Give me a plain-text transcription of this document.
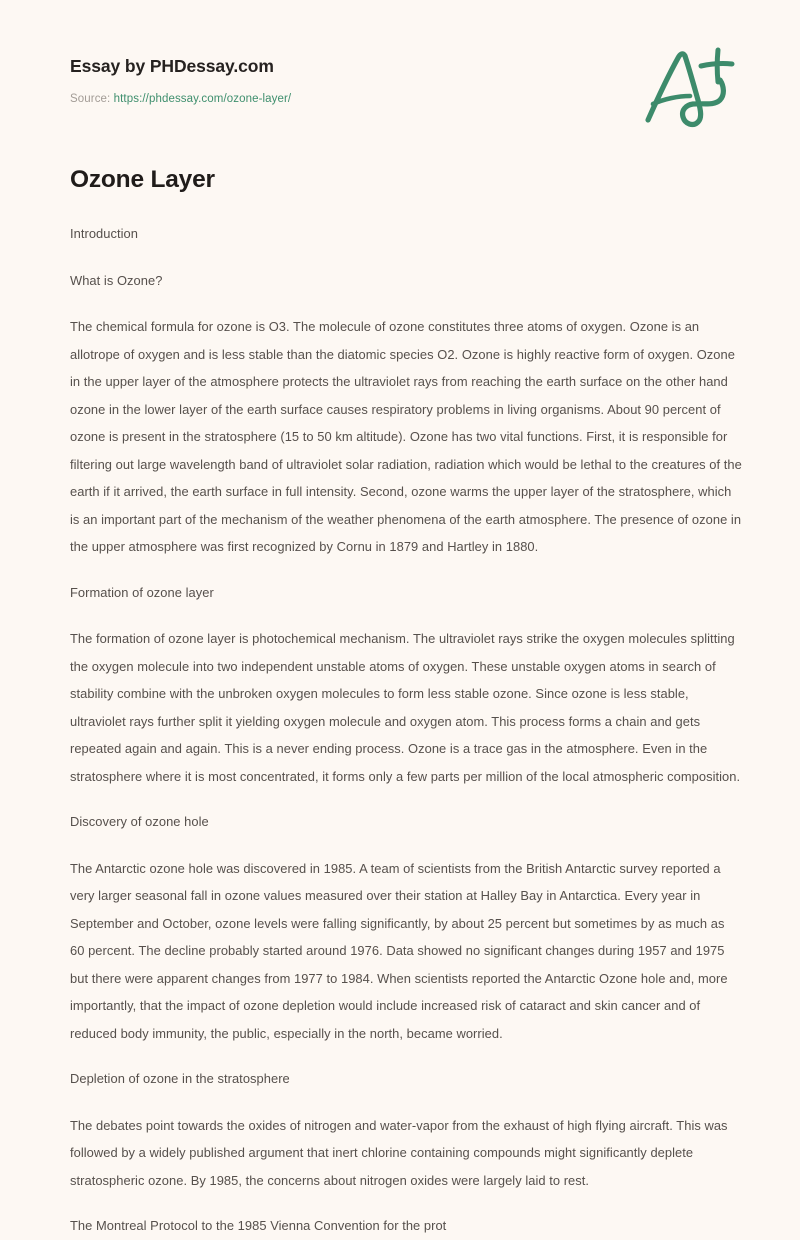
Essay by PHDessay.com
Source: https://phdessay.com/ozone-layer/
Ozone Layer

Introduction

What is Ozone?

The chemical formula for ozone is O3. The molecule of ozone constitutes three atoms of oxygen. Ozone is an allotrope of oxygen and is less stable than the diatomic species O2. Ozone is highly reactive form of oxygen. Ozone in the upper layer of the atmosphere protects the ultraviolet rays from reaching the earth surface on the other hand ozone in the lower layer of the earth surface causes respiratory problems in living organisms. About 90 percent of ozone is present in the stratosphere (15 to 50 km altitude). Ozone has two vital functions. First, it is responsible for filtering out large wavelength band of ultraviolet solar radiation, radiation which would be lethal to the creatures of the earth if it arrived, the earth surface in full intensity. Second, ozone warms the upper layer of the stratosphere, which is an important part of the mechanism of the weather phenomena of the earth atmosphere. The presence of ozone in the upper atmosphere was first recognized by Cornu in 1879 and Hartley in 1880.

Formation of ozone layer

The formation of ozone layer is photochemical mechanism. The ultraviolet rays strike the oxygen molecules splitting the oxygen molecule into two independent unstable atoms of oxygen. These unstable oxygen atoms in search of stability combine with the unbroken oxygen molecules to form less stable ozone. Since ozone is less stable, ultraviolet rays further split it yielding oxygen molecule and oxygen atom. This process forms a chain and gets repeated again and again. This is a never ending process. Ozone is a trace gas in the atmosphere. Even in the stratosphere where it is most concentrated, it forms only a few parts per million of the local atmospheric composition.

Discovery of ozone hole

The Antarctic ozone hole was discovered in 1985. A team of scientists from the British Antarctic survey reported a very larger seasonal fall in ozone values measured over their station at Halley Bay in Antarctica. Every year in September and October, ozone levels were falling significantly, by about 25 percent but sometimes by as much as 60 percent. The decline probably started around 1976. Data showed no significant changes during 1957 and 1975 but there were apparent changes from 1977 to 1984. When scientists reported the Antarctic Ozone hole and, more importantly, that the impact of ozone depletion would include increased risk of cataract and skin cancer and of reduced body immunity, the public, especially in the north, became worried.

Depletion of ozone in the stratosphere

The debates point towards the oxides of nitrogen and water-vapor from the exhaust of high flying aircraft. This was followed by a widely published argument that inert chlorine containing compounds might significantly deplete stratospheric ozone. By 1985, the concerns about nitrogen oxides were largely laid to rest.

The Montreal Protocol to the 1985 Vienna Convention for the prot
